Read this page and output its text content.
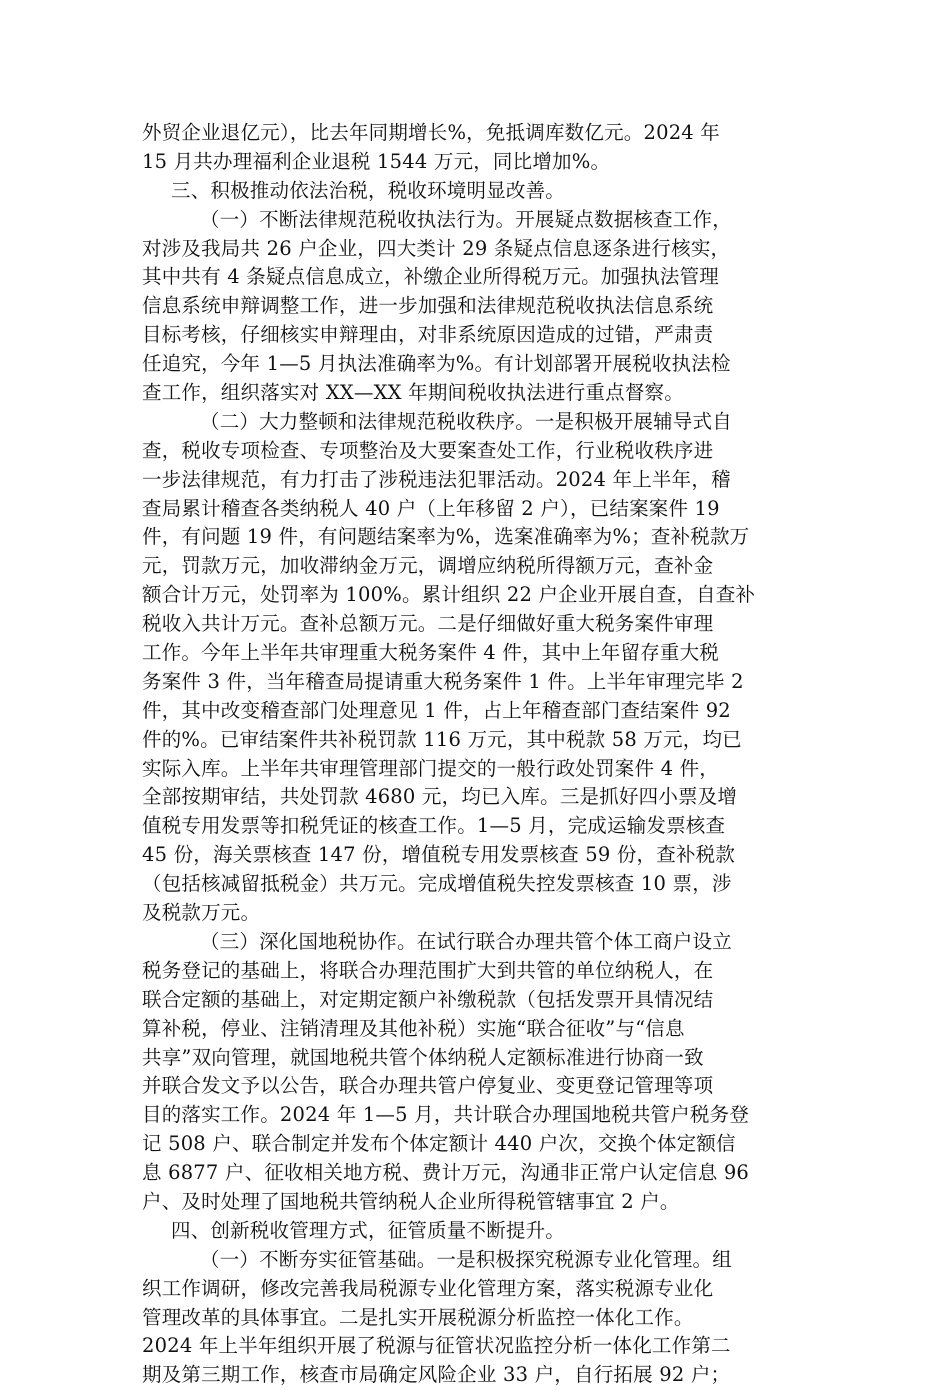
外贸企业退亿元），比去年同期增长%，免抵调库数亿元。2024 年
15 月共办理福利企业退税 1544 万元，同比增加%。
三、积极推动依法治税，税收环境明显改善。
（一）不断法律规范税收执法行为。开展疑点数据核查工作，
对涉及我局共 26 户企业，四大类计 29 条疑点信息逐条进行核实，
其中共有 4 条疑点信息成立，补缴企业所得税万元。加强执法管理
信息系统申辩调整工作，进一步加强和法律规范税收执法信息系统
目标考核，仔细核实申辩理由，对非系统原因造成的过错，严肃责
任追究，今年 1—5 月执法准确率为%。有计划部署开展税收执法检
查工作，组织落实对 XX—XX 年期间税收执法进行重点督察。
（二）大力整顿和法律规范税收秩序。一是积极开展辅导式自
查，税收专项检查、专项整治及大要案查处工作，行业税收秩序进
一步法律规范，有力打击了涉税违法犯罪活动。2024 年上半年，稽
查局累计稽查各类纳税人 40 户（上年移留 2 户），已结案案件 19
件，有问题 19 件，有问题结案率为%，选案准确率为%；查补税款万
元，罚款万元，加收滞纳金万元，调增应纳税所得额万元，查补金
额合计万元，处罚率为 100%。累计组织 22 户企业开展自查，自查补
税收入共计万元。查补总额万元。二是仔细做好重大税务案件审理
工作。今年上半年共审理重大税务案件 4 件，其中上年留存重大税
务案件 3 件，当年稽查局提请重大税务案件 1 件。上半年审理完毕 2
件，其中改变稽查部门处理意见 1 件，占上年稽查部门查结案件 92
件的%。已审结案件共补税罚款 116 万元，其中税款 58 万元，均已
实际入库。上半年共审理管理部门提交的一般行政处罚案件 4 件，
全部按期审结，共处罚款 4680 元，均已入库。三是抓好四小票及增
值税专用发票等扣税凭证的核查工作。1—5 月，完成运输发票核查
45 份，海关票核查 147 份，增值税专用发票核查 59 份，查补税款
（包括核减留抵税金）共万元。完成增值税失控发票核查 10 票，涉
及税款万元。
（三）深化国地税协作。在试行联合办理共管个体工商户设立
税务登记的基础上，将联合办理范围扩大到共管的单位纳税人，在
联合定额的基础上，对定期定额户补缴税款（包括发票开具情况结
算补税，停业、注销清理及其他补税）实施“联合征收”与“信息
共享”双向管理，就国地税共管个体纳税人定额标准进行协商一致
并联合发文予以公告，联合办理共管户停复业、变更登记管理等项
目的落实工作。2024 年 1—5 月，共计联合办理国地税共管户税务登
记 508 户、联合制定并发布个体定额计 440 户次，交换个体定额信
息 6877 户、征收相关地方税、费计万元，沟通非正常户认定信息 96
户、及时处理了国地税共管纳税人企业所得税管辖事宜 2 户。
四、创新税收管理方式，征管质量不断提升。
（一）不断夯实征管基础。一是积极探究税源专业化管理。组
织工作调研，修改完善我局税源专业化管理方案，落实税源专业化
管理改革的具体事宜。二是扎实开展税源分析监控一体化工作。
2024 年上半年组织开展了税源与征管状况监控分析一体化工作第二
期及第三期工作，核查市局确定风险企业 33 户，自行拓展 92 户；
